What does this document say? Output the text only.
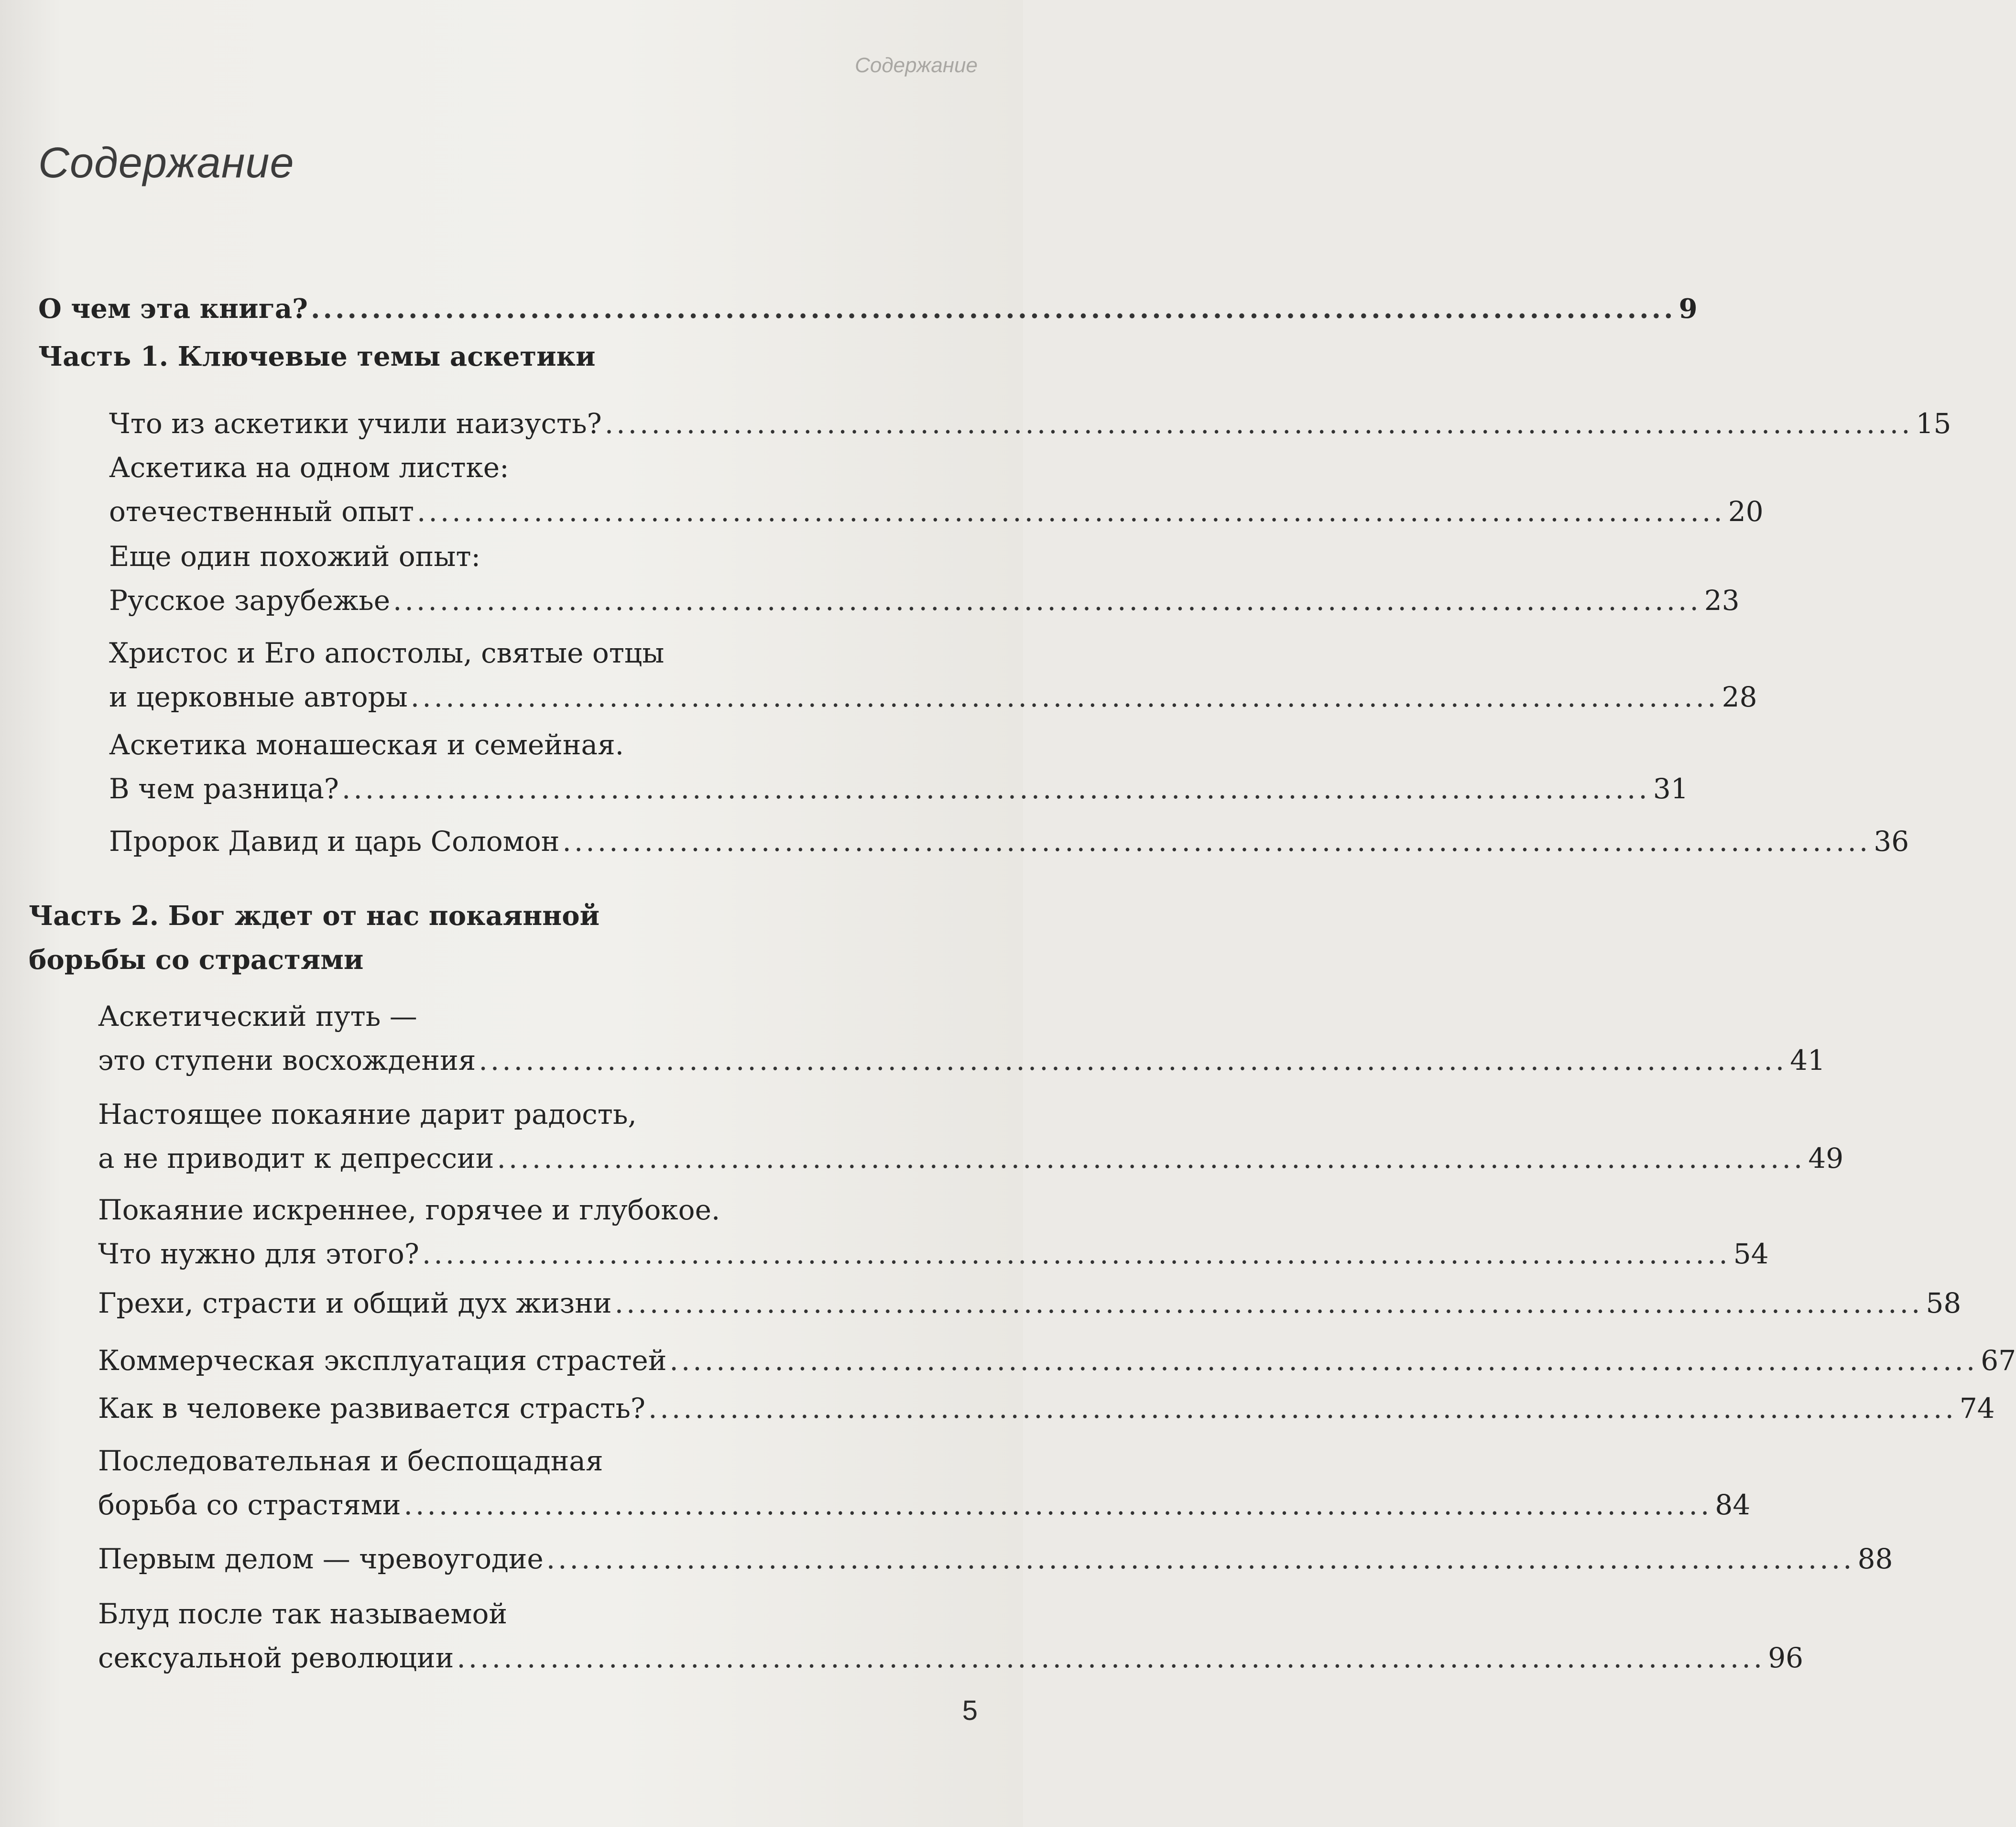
Содержание
Содержание
О чем эта книга? ................................................................................................................ 9
Часть 1. Ключевые темы аскетики
Что из аскетики учили наизусть? ................................................................................................................ 15
Аскетика на одном листке:
отечественный опыт ................................................................................................................ 20
Еще один похожий опыт:
Русское зарубежье ................................................................................................................ 23
Христос и Его апостолы, святые отцы
и церковные авторы ................................................................................................................ 28
Аскетика монашеская и семейная.
В чем разница? ................................................................................................................ 31
Пророк Давид и царь Соломон ................................................................................................................ 36
Часть 2. Бог ждет от нас покаянной
борьбы со страстями
Аскетический путь —
это ступени восхождения ................................................................................................................ 41
Настоящее покаяние дарит радость,
а не приводит к депрессии ................................................................................................................ 49
Покаяние искреннее, горячее и глубокое.
Что нужно для этого? ................................................................................................................ 54
Грехи, страсти и общий дух жизни ................................................................................................................ 58
Коммерческая эксплуатация страстей ................................................................................................................ 67
Как в человеке развивается страсть? ................................................................................................................ 74
Последовательная и беспощадная
борьба со страстями ................................................................................................................ 84
Первым делом — чревоугодие ................................................................................................................ 88
Блуд после так называемой
сексуальной революции ................................................................................................................ 96
5
